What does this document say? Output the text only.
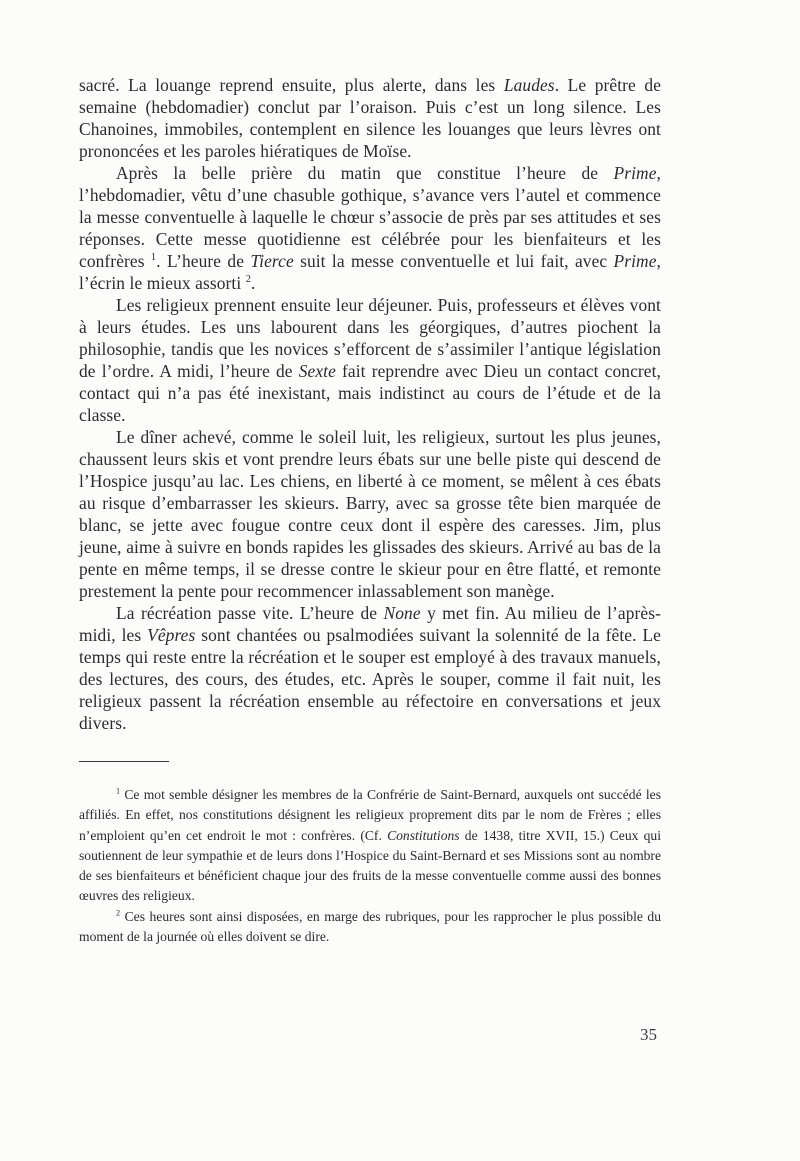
sacré. La louange reprend ensuite, plus alerte, dans les Laudes. Le prêtre de semaine (hebdomadier) conclut par l’oraison. Puis c’est un long silence. Les Chanoines, immobiles, contemplent en silence les louanges que leurs lèvres ont prononcées et les paroles hiératiques de Moïse.

Après la belle prière du matin que constitue l’heure de Prime, l’hebdomadier, vêtu d’une chasuble gothique, s’avance vers l’autel et commence la messe conventuelle à laquelle le chœur s’associe de près par ses attitudes et ses réponses. Cette messe quotidienne est célébrée pour les bienfaiteurs et les confrères $^1$. L’heure de Tierce suit la messe conventuelle et lui fait, avec Prime, l’écrin le mieux assorti $^2$.

Les religieux prennent ensuite leur déjeuner. Puis, professeurs et élèves vont à leurs études. Les uns labourent dans les géorgiques, d’autres piochent la philosophie, tandis que les novices s’efforcent de s’assimiler l’antique législation de l’ordre. A midi, l’heure de Sexte fait reprendre avec Dieu un contact concret, contact qui n’a pas été inexistant, mais indistinct au cours de l’étude et de la classe.

Le dîner achevé, comme le soleil luit, les religieux, surtout les plus jeunes, chaussent leurs skis et vont prendre leurs ébats sur une belle piste qui descend de l’Hospice jusqu’au lac. Les chiens, en liberté à ce moment, se mêlent à ces ébats au risque d’embarrasser les skieurs. Barry, avec sa grosse tête bien marquée de blanc, se jette avec fougue contre ceux dont il espère des caresses. Jim, plus jeune, aime à suivre en bonds rapides les glissades des skieurs. Arrivé au bas de la pente en même temps, il se dresse contre le skieur pour en être flatté, et remonte prestement la pente pour recommencer inlassablement son manège.

La récréation passe vite. L’heure de None y met fin. Au milieu de l’après-midi, les Vêpres sont chantées ou psalmodiées suivant la solennité de la fête. Le temps qui reste entre la récréation et le souper est employé à des travaux manuels, des lectures, des cours, des études, etc. Après le souper, comme il fait nuit, les religieux passent la récréation ensemble au réfectoire en conversations et jeux divers.

$^1$ Ce mot semble désigner les membres de la Confrérie de Saint-Bernard, auxquels ont succédé les affiliés. En effet, nos constitutions désignent les religieux proprement dits par le nom de Frères ; elles n’emploient qu’en cet endroit le mot : confrères. (Cf. Constitutions de 1438, titre XVII, 15.) Ceux qui soutiennent de leur sympathie et de leurs dons l’Hospice du Saint-Bernard et ses Missions sont au nombre de ses bienfaiteurs et bénéficient chaque jour des fruits de la messe conventuelle comme aussi des bonnes œuvres des religieux.

$^2$ Ces heures sont ainsi disposées, en marge des rubriques, pour les rapprocher le plus possible du moment de la journée où elles doivent se dire.

35
